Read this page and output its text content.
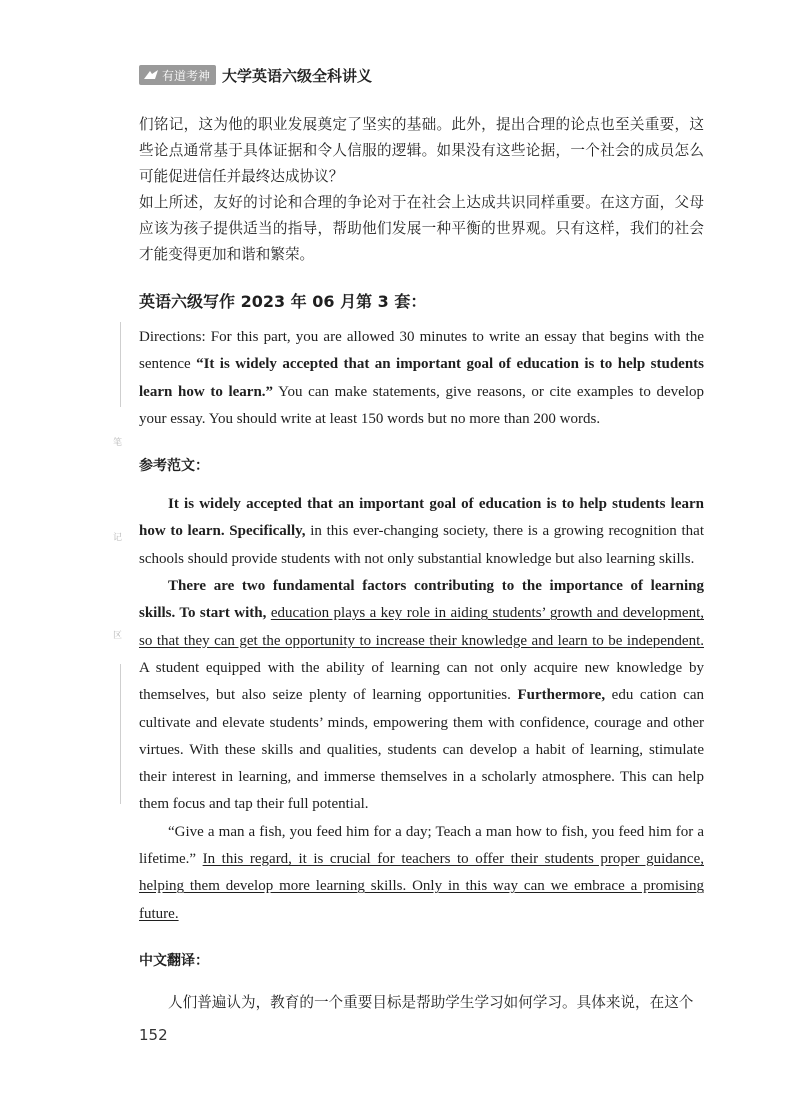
有道考神 大学英语六级全科讲义
笔
记
区

们铭记，这为他的职业发展奠定了坚实的基础。此外，提出合理的论点也至关重要，这些论点通常基于具体证据和令人信服的逻辑。如果没有这些论据，一个社会的成员怎么可能促进信任并最终达成协议？

如上所述，友好的讨论和合理的争论对于在社会上达成共识同样重要。在这方面，父母应该为孩子提供适当的指导，帮助他们发展一种平衡的世界观。只有这样，我们的社会才能变得更加和谐和繁荣。

英语六级写作 2023 年 06 月第 3 套：

Directions: For this part, you are allowed 30 minutes to write an essay that begins with the sentence “It is widely accepted that an important goal of education is to help students learn how to learn.” You can make statements, give reasons, or cite examples to develop your essay. You should write at least 150 words but no more than 200 words.

参考范文：

It is widely accepted that an important goal of education is to help students learn how to learn. Specifically, in this ever-changing society, there is a growing recognition that schools should provide students with not only substantial knowledge but also learning skills.

There are two fundamental factors contributing to the importance of learning skills. To start with, education plays a key role in aiding students’ growth and development, so that they can get the opportunity to increase their knowledge and learn to be independent. A student equipped with the ability of learning can not only acquire new knowledge by themselves, but also seize plenty of learning opportunities. Furthermore, edu cation can cultivate and elevate students’ minds, empowering them with confidence, courage and other virtues. With these skills and qualities, students can develop a habit of learning, stimulate their interest in learning, and immerse themselves in a scholarly atmosphere. This can help them focus and tap their full potential.

“Give a man a fish, you feed him for a day; Teach a man how to fish, you feed him for a lifetime.” In this regard, it is crucial for teachers to offer their students proper guidance, helping them develop more learning skills. Only in this way can we embrace a promising future.

中文翻译：

人们普遍认为，教育的一个重要目标是帮助学生学习如何学习。具体来说，在这个

152
